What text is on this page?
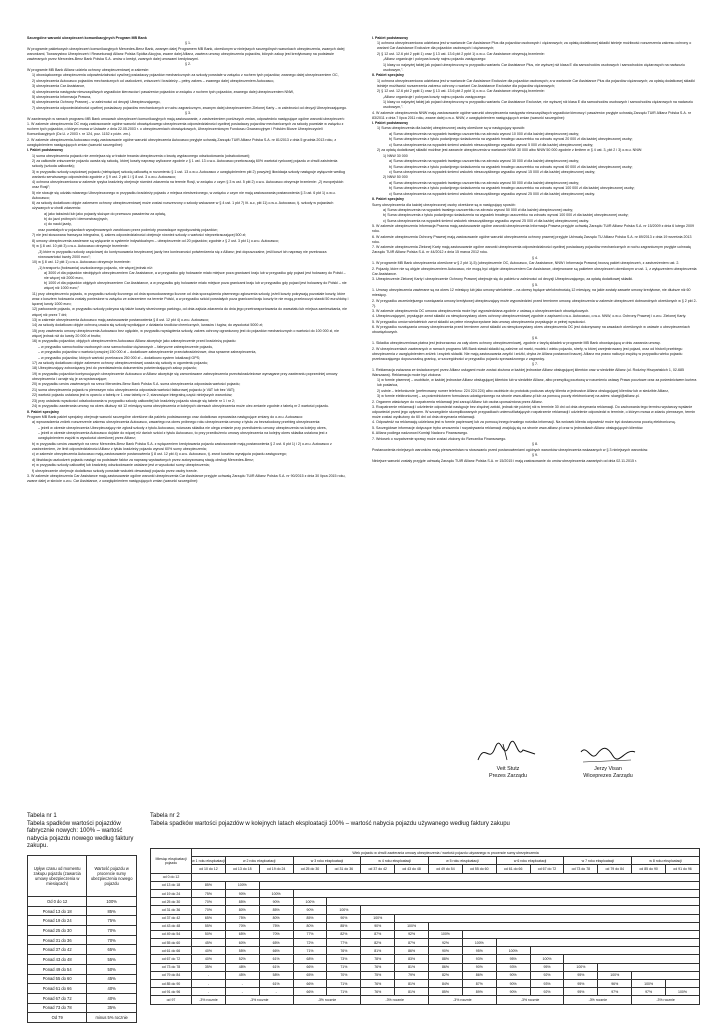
Szczególne warunki ubezpieczeń komunikacyjnych Program MB Bank
§ 1.
W programie pakietowych ubezpieczeń komunikacyjnych Mercedes-Benz Bank, zwanym dalej Programem MB Bank, określonym w niniejszych szczególnych warunkach ubezpieczenia, zwanych dalej warunkami, Towarzystwo Ubezpieczeń i Reasekuracji Allianz Polska Spółka Akcyjna, zwane dalej Allianz, zawiera umowy ubezpieczenia pojazdów, których zakup jest kredytowany na podstawie zawieranych przez Mercedes-Benz Bank Polska S.A. umów o kredyt, zwanych dalej umowami kredytowymi.
§ 2.
W programie MB Bank Allianz udziela ochrony ubezpieczeniowej w zakresie:
1) obowiązkowego ubezpieczenia odpowiedzialności cywilnej posiadaczy pojazdów mechanicznych za szkody powstałe w związku z ruchem tych pojazdów, zwanego dalej ubezpieczeniem OC,
2) ubezpieczenia Autocasco pojazdów mechanicznych od uszkodzeń, zniszczeń i kradzieży – pełny zakres – zwanego dalej ubezpieczeniem Autocasco,
3) ubezpieczenia Car Assistance,
4) ubezpieczenia następstw nieszczęśliwych wypadków kierowców i pasażerów pojazdów w związku z ruchem tych pojazdów, zwanego dalej ubezpieczeniem NNW,
5) ubezpieczenia Informacja Prawna,
6) ubezpieczenia Ochrony Prawnej – w zależności od decyzji Ubezpieczającego,
7) ubezpieczenia odpowiedzialności cywilnej posiadaczy pojazdów mechanicznych w ruchu zagranicznym, zwanym dalej ubezpieczeniem Zielonej Karty – w zależności od decyzji Ubezpieczającego.
§ 3.
W zawieranych w ramach programu MB Bank umowach ubezpieczeń komunikacyjnych mają zastosowanie, z zastrzeżeniem poniższych zmian, odpowiednio następujące ogólne warunki ubezpieczeń:
1. W zakresie ubezpieczenia OC mają zastosowanie ogólne warunki obowiązkowego ubezpieczenia odpowiedzialności cywilnej posiadaczy pojazdów mechanicznych za szkody powstałe w związku z ruchem tych pojazdów, o którym mowa w Ustawie z dnia 22.05.2003 r. o ubezpieczeniach obowiązkowych, Ubezpieczeniowym Funduszu Gwarancyjnym i Polskim Biurze Ubezpieczycieli Komunikacyjnych (Dz.U. z 2003 r. nr 124, poz. 1152 z późn. zm.).
2. W zakresie ubezpieczenia Autocasco mają zastosowanie ogólne warunki ubezpieczenia Autocasco przyjęte uchwałą Zarządu TUiR Allianz Polska S.A. nr 81/2013 z dnia 5 grudnia 2013 roku, z uwzględnieniem następujących zmian (warunki szczególne):
I. Pakiet podstawowy
1) suma ubezpieczenia pojazdu nie zmniejsza się w trakcie trwania ubezpieczenia o kwotę wypłaconego odszkodowania (odszkodowań);
2) za całkowite zniszczenie pojazdu uważa się szkodę, której koszty naprawy wyliczone zgodnie z § 1 ust. 13 o.w.u. Autocasco przekraczają 60% wartości rynkowej pojazdu w chwili zaistnienia szkody (szkoda całkowita);
3) w przypadku szkody częściowej pojazdu (niebędącej szkodą całkowitą w rozumieniu § 1 ust. 13 o.w.u. Autocasco z uwzględnieniem pkt 2) powyżej) likwidacja szkody następuje wyłącznie według wariantu serwisowego odpowiednio zgodnie z § 9 ust. 2 pkt 1 i § 8 ust. 3 o.w.u. Autocasco;
4) ochrona ubezpieczeniowa w zakresie ryzyka kradzieży obejmuje również zdarzenia na terenie Rosji, w związku z czym § 3 w ust. 5 pkt 2) o.w.u. Autocasco otrzymuje brzmienie: „2) europejskich oraz Rosji”;
5) nie stosuje się udziału własnego Ubezpieczonego w przypadku kradzieży pojazdu z miejsca niestrzeżonego, w związku z czym nie mają zastosowania postanowienia § 3 ust. 6 pkt 1) o.w.u. Autocasco;
6) za szkody dodatkowo objęte zakresem ochrony ubezpieczeniowej może zostać rozszerzony o szkody wskazane w § 4 ust. 1 pkt 7) lit. a-c, pkt 11) o.w.u. Autocasco, tj. szkody w pojazdach używanych w chwili zdarzenia:
a) jako taksówki lub jako pojazdy służące do przewozu pasażerów za opłatą,
b) do jazd próbnych i demonstracyjnych,
c) do nauki jazdy,
oraz powstałych w pojazdach wynajmowanych zarobkowo przez podmioty prowadzące wypożyczalnię pojazdów;
7) nie jest stosowana franszyza integralna, tj. zakres odpowiedzialności obejmuje również szkody o wartości nieprzekraczającej 500 zł;
8) umowy ubezpieczenia zawierane są wyłącznie w systemie indywidualnym – ubezpieczenie od 20 pojazdów; zgodnie z § 2 ust. 3 pkt 1) o.w.u. Autocasco;
9) w § 8 ust. 10 pkt 3) o.w.u. Autocasco otrzymuje brzmienie:
„3) które w przypadku szkody częściowej do kontynuowania bezpiecznej jazdy bez konieczności potwierdzenia się z Allianz; jest dopuszczalne, jeśli koszt ich naprawy nie przekracza równowartości kwoty 2000 euro”;
10) w § 8 ust. 12 pkt 1) o.w.u. Autocasco otrzymuje brzmienie:
„1) transportu (holowania) uszkodzonego pojazdu, nie więcej jednak niż:
a) 3000 zł dla pojazdów nieobjętych ubezpieczeniem Car Assistance, a w przypadku gdy holowanie miało miejsce poza granicami kraju lub w przypadku gdy pojazd jest holowany do Polski – nie więcej niż 2000 euro,
b) 1000 zł dla pojazdów objętych ubezpieczeniem Car Assistance, a w przypadku gdy holowanie miało miejsce poza granicami kraju lub w przypadku gdy pojazd jest holowany do Polski – nie więcej niż 1000 euro;”
11) przy ubezpieczeniu pojazdu, w przypadku szkody liczonego od dnia spowodowanego liczone od dnia sporządzenia pisemnego zgłoszenia szkody, jeżeli koszty pokrywają pozostałe koszty, które wraz z kosztem holowania zostały poniesione w związku ze zdarzeniem na terenie Polski, a w przypadku szkód powstałych poza granicami kraju koszty te nie mogą przekroczyć stawki 50 euro/dobę i łącznej kwoty 1000 euro;
12) parkowanie pojazdu, w przypadku szkody pokrywa się także koszty strzeżonego parkingu, od dnia zajścia zdarzenia do dnia jego przetransportowania do warsztatu lub miejsca zamieszkania, nie więcej niż przez 7 dni;
13) w zakresie ubezpieczenia Autocasco mają zastosowanie postanowienia § 8 ust. 12 pkt 4) o.w.u. Autocasco;
14) za szkody dodatkowo objęte ochroną uważa się szkody wynikające z działania środków chemicznych, kwasów i ługów, do wysokości 5000 zł;
15) przy zawieraniu umowy ubezpieczenia Autocasco bez oględzin, w przypadku wystąpienia szkody, zakres ochrony ograniczony jest do pojazdów mechanicznych o wartości do 100 000 zł, nie więcej jednak niż do kwoty 20 000 zł brutto;
16) w przypadku pojazdów, objętych ubezpieczeniem Autocasco Allianz akceptuje jako zabezpieczenie przed kradzieżą pojazdu:
– w przypadku samochodów osobowych oraz samochodów ciężarowych – fabryczne zabezpieczenie pojazdu,
– w przypadku pojazdów o wartości powyżej 150 000 zł – dodatkowe zabezpieczenie przeciwkradzieżowe, dwa sprawne zabezpieczenia,
– w przypadku pojazdów, których wartość przekracza 250 000 zł – dodatkowo system lokalizacji GPS;
17) za szkody dodatkowo objęte zakresem ochrony ubezpieczeniowej uważa się szkody w ogumieniu pojazdu;
18) Ubezpieczający zobowiązany jest do przedstawienia dokumentów potwierdzających zakup pojazdu;
19) w przypadku pojazdów kontynuujących ubezpieczenie Autocasco w Allianz akceptuje się zamontowane zabezpieczenia przeciwkradzieżowe wymagane przy zawieraniu poprzedniej umowy ubezpieczenia i uznaje się je za wystarczające;
20) w przypadku umów zawieranych na rzecz Mercedes-Benz Bank Polska S.A. suma ubezpieczenia odpowiada wartości pojazdu;
21) suma ubezpieczenia pojazdu w pierwszym roku ubezpieczenia odpowiada wartości fakturowej pojazdu (z VAT lub bez VAT);
22) wartość pojazdu ustalana jest w oparciu o tabelę nr 1 oraz tabelę nr 2, stanowiące integralną część niniejszych warunków;
23) przy ustalaniu wysokości odszkodowania w przypadku szkody całkowitej lub kradzieży pojazdu stosuje się tabele nr 1 i nr 2;
24) w przypadku zawierania umowy na okres dłuższy niż 12 miesięcy suma ubezpieczenia w kolejnych okresach ubezpieczenia może ulec zmianie zgodnie z tabelą nr 2 wartości pojazdu.
II. Pakiet specjalny
Program MB Bank pakiet specjalny obejmuje warunki szczególne określone dla pakietu podstawowego oraz dodatkowo wprowadza następujące zmiany do o.w.u. Autocasco:
a) wprowadzenia zniżek rozszerzenie zakresu ubezpieczenia Autocasco, zawartego na okres próbnego roku ubezpieczenia umowy z tytułu za bezszkodowy przebieg ubezpieczenia:
– jeżeli w okresie ubezpieczenia Ubezpieczający nie zgłosił szkody z tytułu Autocasco, wówczas składka nie ulega zmianie przy przedłużeniu umowy ubezpieczenia na kolejny okres,
– jeżeli w okresie ubezpieczenia Autocasco dojdzie do więcej niż dwóch szkód z tytułu Autocasco, to przy przedłużeniu umowy ubezpieczenia na kolejny okres składka ustalona jest z uwzględnieniem zwyżki w wysokości określonej przez Allianz;
b) w przypadku umów zawartych na rzecz Mercedes-Benz Bank Polska S.A. z wyłączeniem kredytowania pojazdu zastosowanie mają postanowienia § 2 ust. 6 pkt 1) i 2) o.w.u. Autocasco z zastrzeżeniem, że limit odpowiedzialności Allianz z tytułu kradzieży pojazdu wynosi 60% sumy ubezpieczenia;
c) w zakresie ubezpieczenia Autocasco mają zastosowanie postanowienia § 8 ust. 12 pkt 4) o.w.u. Autocasco, tj. zwrot kosztów wynajęcia pojazdu zastępczego;
d) likwidacja uszkodzeń pojazdu nastąpi na podstawie faktur za naprawę wystawionych przez autoryzowaną stację obsługi Mercedes-Benz;
e) w przypadku szkody całkowitej lub kradzieży odszkodowanie ustalane jest w wysokości sumy ubezpieczenia;
f) ubezpieczenie obejmuje dodatkowo szkody powstałe wskutek dewastacji pojazdu przez osoby trzecie.
3. W zakresie ubezpieczenia Car Assistance mają zastosowanie ogólne warunki ubezpieczenia Car Assistance przyjęte uchwałą Zarządu TUiR Allianz Polska S.A. nr 90/2015 z dnia 30 lipca 2015 roku, zwane dalej w skrócie o.w.u. Car Assistance, z uwzględnieniem następujących zmian (warunki szczególne):
I. Pakiet podstawowy
1) ochrona ubezpieczeniowa udzielana jest w wariancie Car Assistance Plus dla pojazdów osobowych i ciężarowych; za opłatą dodatkowej składki istnieje możliwość rozszerzenia zakresu ochrony o wariant Car Assistance Exclusive dla pojazdów osobowych i ciężarowych;
2) § 12 ust. 12.6 pkt 2 ppkt 1) oraz § 13 ust. 13.6 pkt 2 ppkt 1) o.w.u. Car Assistance otrzymują brzmienie:
„Allianz organizuje i pokrywa koszty najmu pojazdu zastępczego:
1) klasy co najwyżej takiej jak pojazd ubezpieczony w przypadku wariantu Car Assistance Plus, nie wyższej niż klasa E dla samochodów osobowych i samochodów ciężarowych na nadwoziu osobowym,”.
II. Pakiet specjalny
1) ochrona ubezpieczeniowa udzielana jest w wariancie Car Assistance Exclusive dla pojazdów osobowych; a w wariancie Car Assistance Plus dla pojazdów ciężarowych; za opłatą dodatkowej składki istnieje możliwość rozszerzenia zakresu ochrony o wariant Car Assistance Exclusive dla pojazdów ciężarowych;
2) § 12 ust. 12.6 pkt 2 ppkt 1) oraz § 13 ust. 13.6 pkt 2 ppkt 1) o.w.u. Car Assistance otrzymują brzmienie:
„Allianz organizuje i pokrywa koszty najmu pojazdu zastępczego:
1) klasy co najwyżej takiej jak pojazd ubezpieczony w przypadku wariantu Car Assistance Exclusive, nie wyższej niż klasa E dla samochodów osobowych i samochodów ciężarowych na nadwoziu osobowym,”.
4. W zakresie ubezpieczenia NNW mają zastosowanie ogólne warunki ubezpieczenia następstw nieszczęśliwych wypadków kierowcy i pasażerów przyjęte uchwałą Zarządu TUiR Allianz Polska S.A. nr 83/2011 z dnia 7 lipca 2011 roku, zwane dalej o.w.u. NNW, z uwzględnieniem następujących zmian (warunki szczególne):
I. Pakiet podstawowy
1) Suma ubezpieczenia dla każdej ubezpieczonej osoby określone są w następujący sposób:
a) Suma ubezpieczenia na wypadek trwałego uszczerbku na zdrowiu wynosi 10 000 zł dla każdej ubezpieczonej osoby;
b) Suma ubezpieczenia z tytułu podwójnego świadczenia na wypadek trwałego uszczerbku na zdrowiu wynosi 20 000 zł dla każdej ubezpieczonej osoby;
c) Suma ubezpieczenia na wypadek śmierci wskutek nieszczęśliwego wypadku wynosi 5 000 zł dla każdej ubezpieczonej osoby;
2) za opłatą dodatkowej składki możliwe jest zawarcie ubezpieczenia w wariancie NNW 30 000 albo NNW 50 000 zgodnie z limitem w § 4 ust. 3, pkt 2 i 3) o.w.u. NNW:
1) NNW 30 000
a) Suma ubezpieczenia na wypadek trwałego uszczerbku na zdrowiu wynosi 30 000 zł dla każdej ubezpieczonej osoby;
b) Suma ubezpieczenia z tytułu podwójnego świadczenia na wypadek trwałego uszczerbku na zdrowiu wynosi 60 000 zł dla każdej ubezpieczonej osoby;
c) Suma ubezpieczenia na wypadek śmierci wskutek nieszczęśliwego wypadku wynosi 15 000 zł dla każdej ubezpieczonej osoby;
2) NNW 50 000
a) Suma ubezpieczenia na wypadek trwałego uszczerbku na zdrowiu wynosi 50 000 zł dla każdej ubezpieczonej osoby;
b) Suma ubezpieczenia z tytułu podwójnego świadczenia na wypadek trwałego uszczerbku na zdrowiu wynosi 100 000 zł dla każdej ubezpieczonej osoby;
c) Suma ubezpieczenia na wypadek śmierci wskutek nieszczęśliwego wypadku wynosi 25 000 zł dla każdej ubezpieczonej osoby.
II. Pakiet specjalny
Sumy ubezpieczenia dla każdej ubezpieczonej osoby określone są w następujący sposób:
a) Suma ubezpieczenia na wypadek trwałego uszczerbku na zdrowiu wynosi 50 000 zł dla każdej ubezpieczonej osoby;
b) Suma ubezpieczenia z tytułu podwójnego świadczenia na wypadek trwałego uszczerbku na zdrowiu wynosi 100 000 zł dla każdej ubezpieczonej osoby;
c) Suma ubezpieczenia na wypadek śmierci wskutek nieszczęśliwego wypadku wynosi 25 000 zł dla każdej ubezpieczonej osoby.
5. W zakresie ubezpieczenia Informacja Prawna mają zastosowanie ogólne warunki ubezpieczenia Informacja Prawna przyjęte uchwałą Zarządu TUiR Allianz Polska S.A. nr 15/2009 z dnia 6 lutego 2009 roku.
6. W zakresie ubezpieczenia Ochrony Prawnej mają zastosowanie ogólne warunki ubezpieczenia ochrony prawnej przyjęte Uchwałą Zarządu TU Allianz Polska S.A. nr 89/2013 z dnia 19 września 2013 roku.
7. W zakresie ubezpieczenia Zielonej Karty mają zastosowanie ogólne warunki ubezpieczenia odpowiedzialności cywilnej posiadaczy pojazdów mechanicznych w ruchu zagranicznym przyjęte uchwałą Zarządu TUiR Allianz Polska S.A. nr 44/2012 z dnia 15 marca 2012 roku.
§ 4.
1. W programie MB Bank ubezpieczenia określone w § 2 pkt 1)-5) (ubezpieczenie OC, Autocasco, Car Assistance, NNW i Informacja Prawna) tworzą pakiet ubezpieczeń, z zastrzeżeniem ust. 2.
2. Pojazdy, które nie są objęte ubezpieczeniem Autocasco, nie mogą być objęte ubezpieczeniem Car Assistance, obejmowane są pakietem ubezpieczeń określonym w ust. 1, z wyłączeniem ubezpieczenia Car Assistance.
3. Ubezpieczenie Zielonej Karty i ubezpieczenie Ochrony Prawnej obejmuje się do pakietu w zależności od decyzji Ubezpieczającego, za opłatą dodatkowej składki.
§ 5.
1. Umowy ubezpieczenia zawierane są na okres 12 miesięcy lub jako umowy wieloletnie – na okresy będące wielokrotnością 12 miesięcy, na jakie zostały zawarte umowy kredytowe, nie dłuższe niż 60 miesięcy.
2. W przypadku wcześniejszego rozwiązania umowy kredytowej ubezpieczający może wypowiedzieć przed terminem umowę ubezpieczenia w zakresie ubezpieczeń dobrowolnych określonych w § 2 pkt 2-7).
3. W zakresie ubezpieczenia OC umowa ubezpieczenia może być wypowiedziana zgodnie z ustawą o ubezpieczeniach obowiązkowych.
4. Ubezpieczającymi, prysługuje zwrot składki za niewykorzystany okres ochrony ubezpieczeniowej zgodnie z zapisami o.w.u. Autocasco, o.w.u. NNW, o.w.u. Ochrony Prawnej i o.w.u. Zielonej Karty.
5. W przypadku umów wieloletnich zwrot składki za pełne niewykorzystane lata umowy ubezpieczenia przysługuje w pełnej wysokości.
6. W przypadku rozwiązania umowy ubezpieczenia przed terminem zwrot składki za niewykorzystany okres ubezpieczenia OC jest dokonywany na zasadach określonych w ustawie o ubezpieczeniach obowiązkowych.
§ 6.
1. Składka ubezpieczeniowa płatna jest jednorazowo za cały okres ochrony ubezpieczeniowej, zgodnie z taryfą składek w programie MB Bank obowiązującą w dniu zawarcia umowy.
2. W ubezpieczeniach zawieranych w ramach programu MB Bank stawki składki są zależne od marki, modelu i wieku pojazdu, strefy, w której zarejestrowany jest pojazd, oraz od historii przebiegu ubezpieczenia z uwzględnieniem zniżek i zwyżek składki. Nie mają zastosowania zwyżki i zniżki, chyba że Allianz postanowi inaczej. Allianz ma prawo naliczyć zwyżkę w przypadku wieku pojazdu przekraczającego dopuszczalną granicę, w szczególności w przypadku pojazdu sprowadzonego z zagranicy.
§ 7.
1. Reklamacja zwiazana ze świadczonymi przez Allianz usługami może zostać złożona w każdej jednostce Allianz obsługującej klientów oraz w siedzibie Allianz (ul. Rodziny Hiszpańskich 1, 02-685 Warszawa). Reklamacja może być złożona:
1) w formie pisemnej – osobiście, w każdej jednostce Allianz obsługującej klientów lub w siedzibie Allianz, albo przesyłką pocztową w rozumieniu ustawy Prawo pocztowe oraz za pośrednictwem kuriera lub posłańca,
2) ustnie – telefonicznie (preferowany numer telefonu: 224 224 224) albo osobiście do protokołu podczas wizyty klienta w jednostce Allianz obsługującej klientów lub w siedzibie Allianz,
3) w formie elektronicznej – za pośrednictwem formularza udostępnionego na stronie www.allianz.pl lub za pomocą poczty elektronicznej na adres: skargi@allianz.pl.
2. Organem właściwym do rozpatrzenia reklamacji jest zarząd Allianz lub osoba upoważniona przez Allianz.
3. Rozpatrzenie reklamacji i udzielenie odpowiedzi następuje bez zbędnej zwłoki, jednak nie później niż w terminie 30 dni od dnia otrzymania reklamacji. Do zachowania tego terminu wystarczy wysłanie odpowiedzi przed jego upływem. W szczególnie skomplikowanych przypadkach uniemożliwiających rozpatrzenie reklamacji i udzielenie odpowiedzi w terminie, o którym mowa w zdaniu pierwszym, termin może zostać wydłużony do 60 dni od dnia otrzymania reklamacji.
4. Odpowiedź na reklamację udzielana jest w formie papierowej lub za pomocą innego trwałego nośnika informacji. Na wniosek klienta odpowiedź może być dostarczona pocztą elektroniczną.
5. Szczegółowe informacje dotyczące trybu wnoszenia i rozpatrywania reklamacji znajdują się na stronie www.allianz.pl oraz w jednostkach Allianz obsługujących klientów.
6. Allianz podlega nadzorowi Komisji Nadzoru Finansowego.
7. Wniosek o rozpatrzenie sprawy może zostać złożony do Rzecznika Finansowego.
§ 8.
Postanowienia niniejszych warunków mają pierwszeństwo w stosowaniu przed postanowieniami ogólnych warunków ubezpieczenia wskazanych w § 3 niniejszych warunków.
§ 9.
Niniejsze warunki zostały przyjęte uchwałą Zarządu TUiR Allianz Polska S.A. nr 15/2015 i mają zastosowanie do umów ubezpieczenia zawartych od dnia 02.11.2015 r.
Veit Stutz
Prezes Zarządu
Jerzy Visan
Wiceprezes Zarządu
Tabela nr 1
Tabela spadków wartości pojazdów fabrycznie nowych: 100% – wartość nabycia pojazdu nowego według faktury zakupu.
Upływ czasu od momentu zakupu pojazdu (zawarcia umowy ubezpieczenia w miesiącach)	Wartość pojazdu w procencie sumy ubezpieczenia nowego pojazdu
Od 0 do 12	100%
Ponad 13 do 18	85%
Ponad 19 do 24	75%
Ponad 25 do 30	70%
Ponad 31 do 36	70%
Ponad 37 do 42	65%
Ponad 43 do 48	55%
Ponad 49 do 54	50%
Ponad 55 do 60	45%
Ponad 61 do 66	40%
Ponad 67 do 72	40%
Ponad 73 do 78	35%
Od 79	minus 5% rocznie
Tabela nr 2
Tabela spadków wartości pojazdów w kolejnych latach eksploatacji 100% – wartość nabycia pojazdu używanego według faktury zakupu
Miesiąc eksploatacji pojazdu	Wiek pojazdu w chwili zawierania umowy ubezpieczenia / wartość pojazdu używanego w procencie sumy ubezpieczenia														
	w 1 roku eksploatacji	w 2 roku eksploatacji		w 3 roku eksploatacji		w 4 roku eksploatacji		w 5 roku eksploatacji		w 6 roku eksploatacji		w 7 roku eksploatacji		w 8 roku eksploatacji	
	od 10 do 12	od 13 do 18	od 19 do 24	od 25 do 30	od 31 do 36	od 37 do 42	od 43 do 48	od 49 do 54	od 55 do 60	od 61 do 66	od 67 do 72	od 73 do 78	od 79 do 84	od 85 do 90	od 91 do 96
od 0 do 12															
od 13 do 18	85%	100%													
od 19 do 24	75%	90%	100%												
od 25 do 30	70%	85%	90%	100%											
od 31 do 36	70%	80%	85%	90%	100%										
od 37 do 42	65%	75%	80%	85%	90%	100%									
od 43 do 48	55%	70%	75%	80%	85%	90%	100%								
od 49 do 54	50%	65%	70%	77%	82%	87%	92%	100%							
od 55 do 60	45%	60%	65%	72%	77%	82%	87%	92%	100%						
od 61 do 66	40%	55%	66%	71%	76%	81%	86%	90%	95%	100%					
od 67 do 72	40%	52%	61%	68%	73%	78%	83%	88%	93%	95%	100%				
od 73 do 78	35%	48%	61%	66%	71%	76%	81%	86%	90%	93%	95%	100%			
od 79 do 84	-	45%	58%	65%	70%	75%	79%	82%	86%	90%	92%	95%	100%		
od 85 do 90	-	-	61%	66%	71%	76%	81%	84%	87%	90%	93%	95%	96%	100%	
od 91 do 96	-	-	-	66%	71%	76%	81%	85%	89%	90%	92%	95%	97%	97%	100%
od 97	-3% rocznie	-3% rocznie		-3% rocznie		-3% rocznie		-3% rocznie		-3% rocznie		-3% rocznie		-3% rocznie	
